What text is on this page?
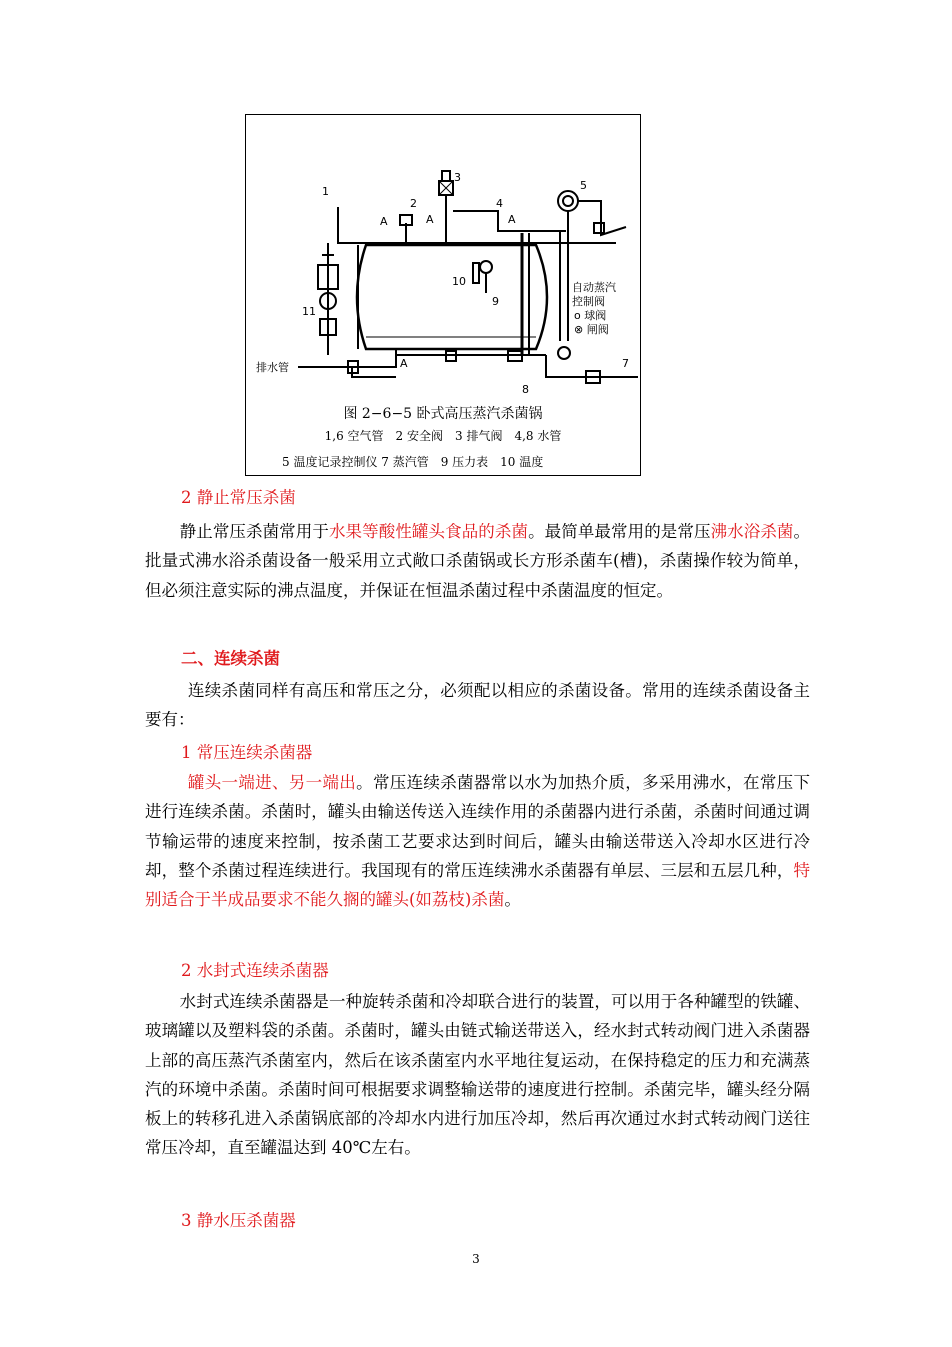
1
2
3
4
5
7
8
9
10
11
A	A	A
A
排水管
自动蒸汽
控制阀
o 球阀
⊗ 闸阀
图 2−6−5 卧式高压蒸汽杀菌锅
1,6 空气管　2 安全阀　3 排气阀　4,8 水管
5 温度记录控制仪 7 蒸汽管　9 压力表　10 温度
2 静止常压杀菌

静止常压杀菌常用于水果等酸性罐头食品的杀菌。最简单最常用的是常压沸水浴杀菌。批量式沸水浴杀菌设备一般采用立式敞口杀菌锅或长方形杀菌车(槽)，杀菌操作较为简单，但必须注意实际的沸点温度，并保证在恒温杀菌过程中杀菌温度的恒定。

二、连续杀菌

连续杀菌同样有高压和常压之分，必须配以相应的杀菌设备。常用的连续杀菌设备主要有：

1 常压连续杀菌器

罐头一端进、另一端出。常压连续杀菌器常以水为加热介质，多采用沸水，在常压下进行连续杀菌。杀菌时，罐头由输送传送入连续作用的杀菌器内进行杀菌，杀菌时间通过调节输运带的速度来控制，按杀菌工艺要求达到时间后，罐头由输送带送入冷却水区进行冷却，整个杀菌过程连续进行。我国现有的常压连续沸水杀菌器有单层、三层和五层几种，特别适合于半成品要求不能久搁的罐头(如荔枝)杀菌。

2 水封式连续杀菌器

水封式连续杀菌器是一种旋转杀菌和冷却联合进行的装置，可以用于各种罐型的铁罐、玻璃罐以及塑料袋的杀菌。杀菌时，罐头由链式输送带送入，经水封式转动阀门进入杀菌器上部的高压蒸汽杀菌室内，然后在该杀菌室内水平地往复运动，在保持稳定的压力和充满蒸汽的环境中杀菌。杀菌时间可根据要求调整输送带的速度进行控制。杀菌完毕，罐头经分隔板上的转移孔进入杀菌锅底部的冷却水内进行加压冷却，然后再次通过水封式转动阀门送往常压冷却，直至罐温达到 40℃左右。

3 静水压杀菌器
3
